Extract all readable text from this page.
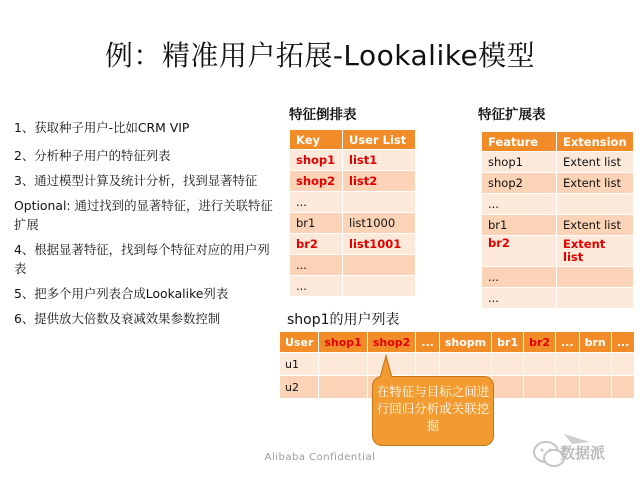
例：精准用户拓展-Lookalike模型
1、获取种子用户-比如CRM VIP
2、分析种子用户的特征列表
3、通过模型计算及统计分析，找到显著特征
Optional: 通过找到的显著特征，进行关联特征扩展
4、根据显著特征，找到每个特征对应的用户列表
5、把多个用户列表合成Lookalike列表
6、提供放大倍数及衰减效果参数控制
特征倒排表
Key	User List
shop1	list1
shop2	list2
...	
br1	list1000
br2	list1001
...	
...	
特征扩展表
Feature	Extension
shop1	Extent list
shop2	Extent list
...	
br1	Extent list
br2	Extent list
...	
...	
shop1的用户列表
User	shop1	shop2	...	shopm	br1	br2	...	brn	...
u1									
u2										在特征与目标之间进行回归分析或关联挖掘
Alibaba Confidential	数据派
